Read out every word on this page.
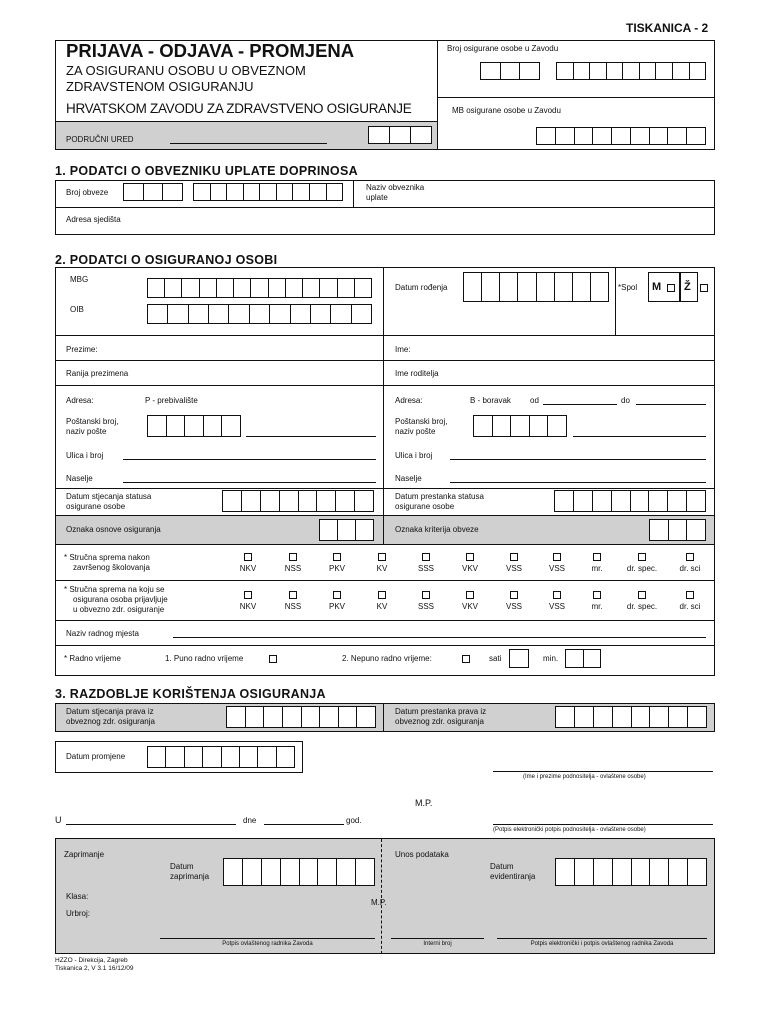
TISKANICA - 2
PRIJAVA - ODJAVA - PROMJENA
ZA OSIGURANU OSOBU U OBVEZNOM
ZDRAVSTENOM OSIGURANJU
HRVATSKOM ZAVODU ZA ZDRAVSTVENO OSIGURANJE
PODRUČNI URED
Broj osigurane osobe u Zavodu
MB osigurane osobe u Zavodu
1. PODATCI O OBVEZNIKU UPLATE DOPRINOSA
Broj obveze
Naziv obveznika
uplate
Adresa sjedišta
2. PODATCI O OSIGURANOJ OSOBI
MBG
OIB
Datum rođenja	*Spol M Ž
Prezime:	Ime:
Ranija prezimena	Ime roditelja
Adresa:	P - prebivalište	Adresa:	B - boravak od	do
Poštanski broj,
naziv pošte
Poštanski broj,
naziv pošte
Ulica i broj	Ulica i broj
Naselje	Naselje
Datum stjecanja statusa
osigurane osobe
Datum prestanka statusa
osigurane osobe
Oznaka osnove osiguranja	Oznaka kriterija obveze
* Stručna sprema nakon
završenog školovanja	NKV	NSS	PKV	KV	SSS	VKV	VSS	VSS	mr.	dr. spec.	dr. sci
* Stručna sprema na koju se
osigurana osoba prijavljuje
u obvezno zdr. osiguranje	NKV	NSS	PKV	KV	SSS	VKV	VSS	VSS	mr.	dr. spec.	dr. sci
Naziv radnog mjesta
* Radno vrijeme	1. Puno radno vrijeme	2. Nepuno radno vrijeme:	sati	min.
3. RAZDOBLJE KORIŠTENJA OSIGURANJA
Datum stjecanja prava iz
obveznog zdr. osiguranja
Datum prestanka prava iz
obveznog zdr. osiguranja
Datum promjene
(Ime i prezime podnositelja - ovlaštene osobe)
M.P.
U	dne	god.
(Potpis elektronički potpis podnositelja - ovlaštene osobe)
Zaprimanje
Datum
zaprimanja
Unos podataka
Datum
evidentiranja
Klasa:
Urbroj:
M.P.
Potpis ovlaštenog radnika Zavoda	Interni broj	Potpis elektronički i potpis ovlaštenog radnika Zavoda
HZZO - Direkcija, Zagreb
Tiskanica 2, V 3.1 16/12/09
